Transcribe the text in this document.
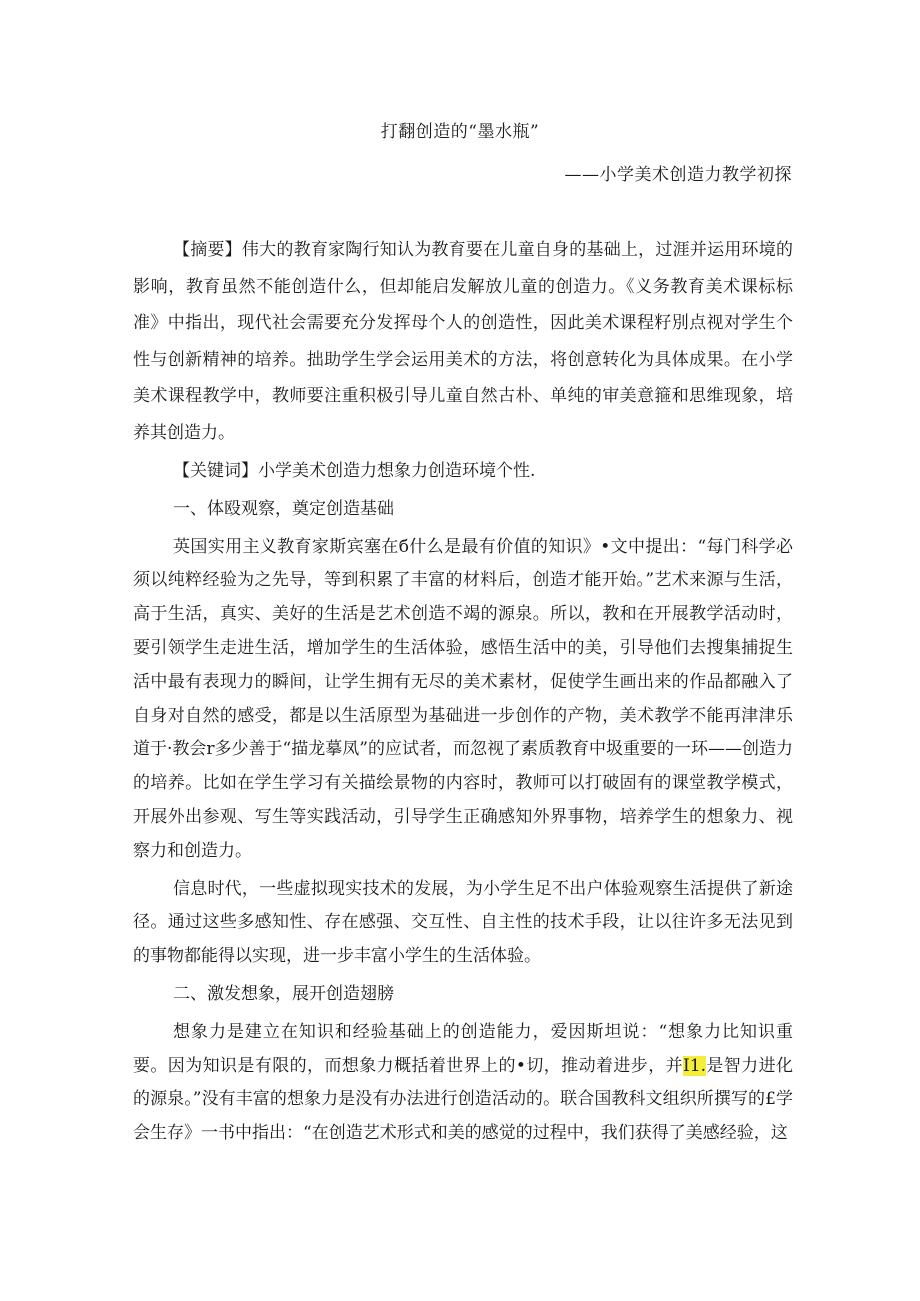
打翻创造的“墨水瓶”
——小学美术创造力教学初探

【摘要】伟大的教育家陶行知认为教育要在儿童自身的基础上，过涯并运用环境的影响，教育虽然不能创造什么，但却能启发解放儿童的创造力。《义务教育美术课标标准》中指出，现代社会需要充分发挥母个人的创造性，因此美术课程籽別点视对学生个性与创新精神的培养。拙助学生学会运用美术的方法，将创意转化为具体成果。在小学美术课程教学中，教师要注重积极引导儿童自然古朴、单纯的审美意箍和思维现象，培养其创造力。

【关键词】小学美术创造力想象力创造环境个性.

一、体殴观察，奠定创造基础

英国实用主义教育家斯宾塞在б什么是最有价值的知识》•文中提出：“每门科学必须以纯粹经验为之先导，等到积累了丰富的材料后，创造才能开始。”艺术来源与生活，高于生活，真实、美好的生活是艺术创造不竭的源泉。所以，教和在开展教学活动时，要引领学生走进生活，增加学生的生活体验，感悟生活中的美，引导他们去搜集捕捉生活中最有表现力的瞬间，让学生拥有无尽的美术素材，促使学生画出来的作品都融入了自身对自然的感受，都是以生活原型为基础进一步创作的产物，美术教学不能再津津乐道于·教会r多少善于“描龙摹凤”的应试者，而忽视了素质教育中圾重要的一环——创造力的培养。比如在学生学习有关描绘景物的内容时，教师可以打破固有的课堂教学模式，开展外出参观、写生等实践活动，引导学生正确感知外界事物，培养学生的想象力、视察力和创造力。

信息时代，一些虚拟现实技术的发展，为小学生足不出户体验观察生活提供了新途径。通过这些多感知性、存在感强、交互性、自主性的技术手段，让以往许多无法见到的事物都能得以实现，进一步丰富小学生的生活体验。

二、激发想象，展开创造翅膀

想象力是建立在知识和经验基础上的创造能力，爱因斯坦说：“想象力比知识重要。因为知识是有限的，而想象力概括着世界上的•切，推动着进步，并I1.是智力进化的源泉。”没有丰富的想象力是没有办法进行创造活动的。联合国教科文组织所撰写的£学会生存》一书中指出：“在创造艺术形式和美的感觉的过程中，我们获得了美感经验，这
